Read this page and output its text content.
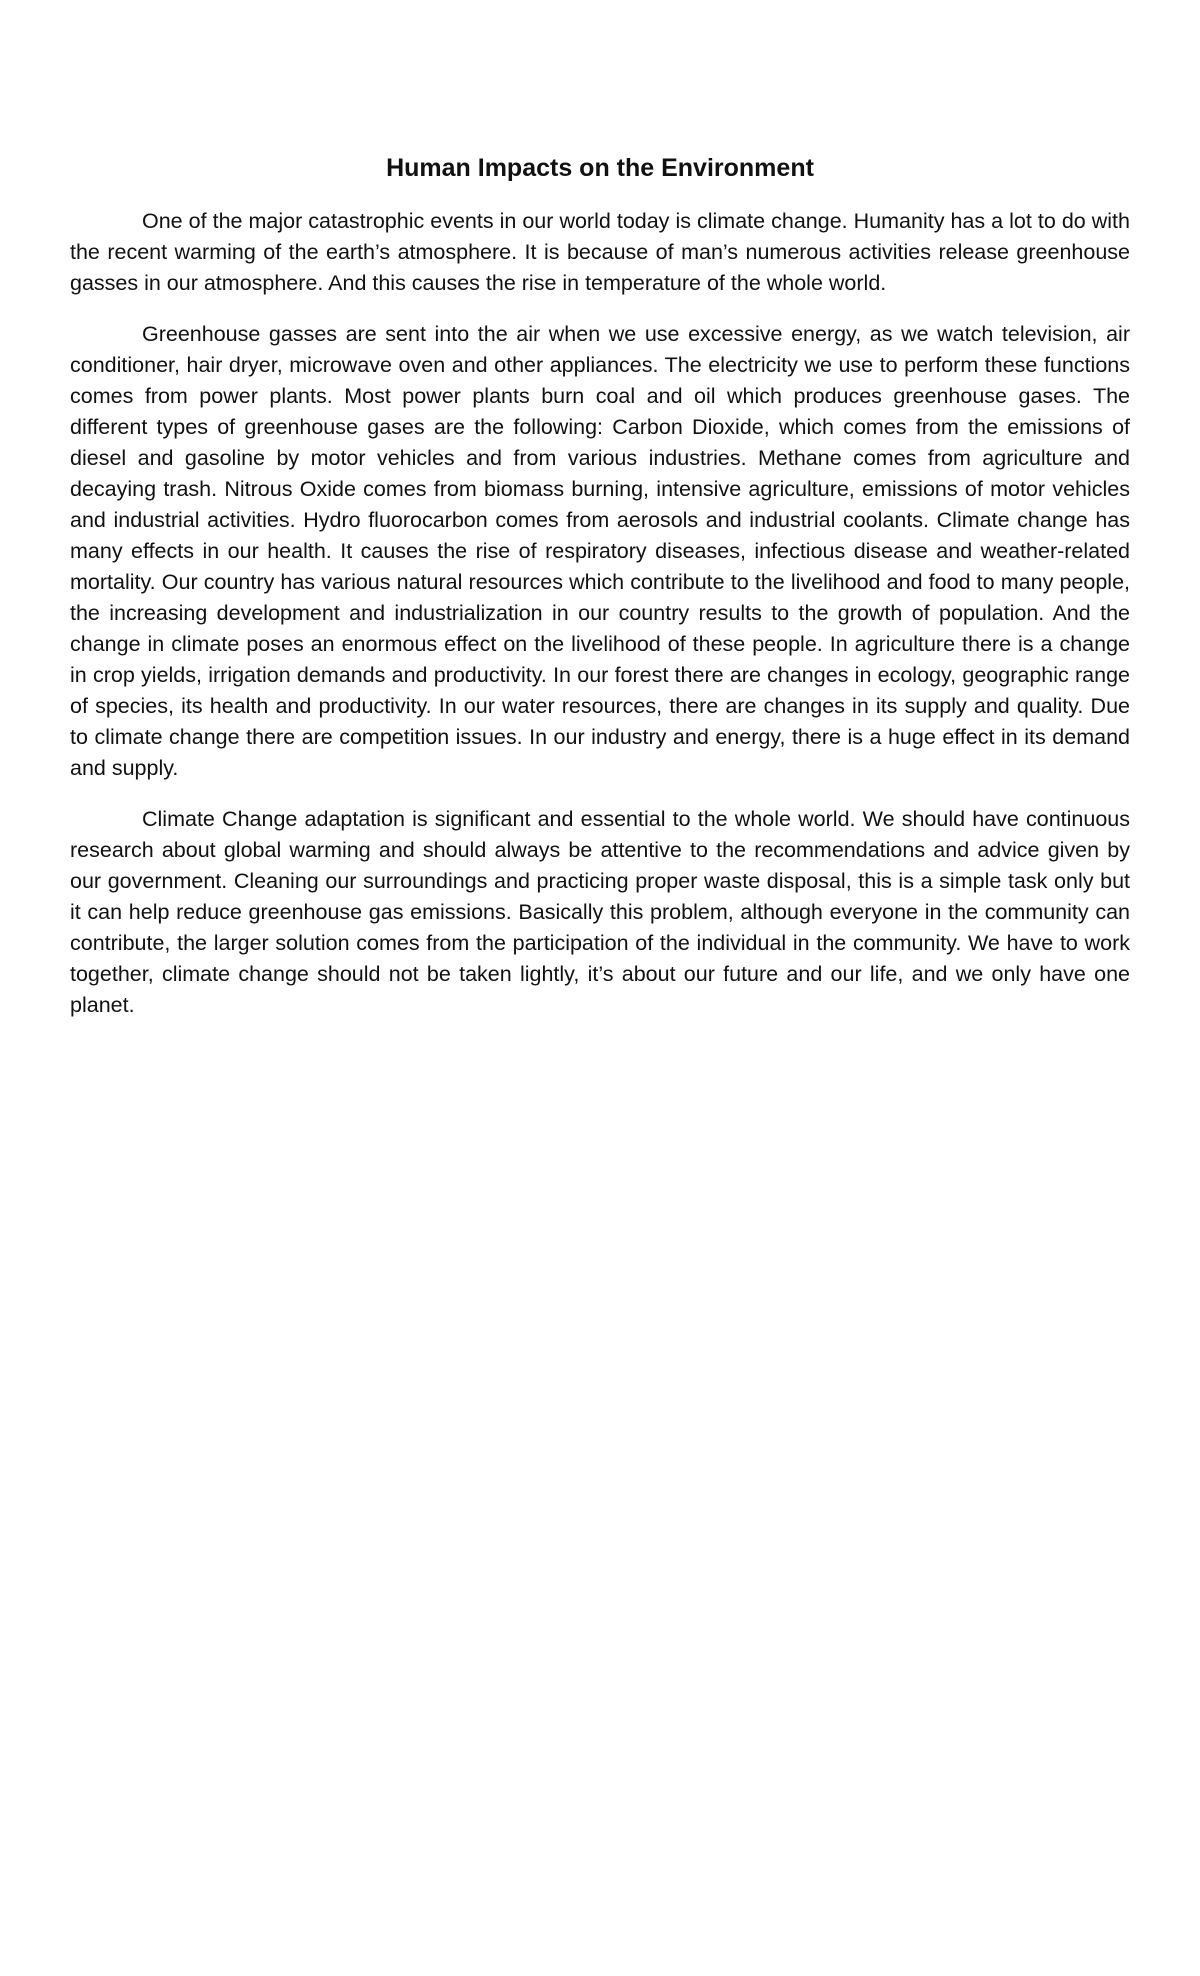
Human Impacts on the Environment

One of the major catastrophic events in our world today is climate change. Humanity has a lot to do with the recent warming of the earth’s atmosphere. It is because of man’s numerous activities release greenhouse gasses in our atmosphere. And this causes the rise in temperature of the whole world.

Greenhouse gasses are sent into the air when we use excessive energy, as we watch television, air conditioner, hair dryer, microwave oven and other appliances. The electricity we use to perform these functions comes from power plants. Most power plants burn coal and oil which produces greenhouse gases. The different types of greenhouse gases are the following: Carbon Dioxide, which comes from the emissions of diesel and gasoline by motor vehicles and from various industries. Methane comes from agriculture and decaying trash. Nitrous Oxide comes from biomass burning, intensive agriculture, emissions of motor vehicles and industrial activities. Hydro fluorocarbon comes from aerosols and industrial coolants. Climate change has many effects in our health. It causes the rise of respiratory diseases, infectious disease and weather-related mortality. Our country has various natural resources which contribute to the livelihood and food to many people, the increasing development and industrialization in our country results to the growth of population. And the change in climate poses an enormous effect on the livelihood of these people. In agriculture there is a change in crop yields, irrigation demands and productivity. In our forest there are changes in ecology, geographic range of species, its health and productivity. In our water resources, there are changes in its supply and quality. Due to climate change there are competition issues. In our industry and energy, there is a huge effect in its demand and supply.

Climate Change adaptation is significant and essential to the whole world. We should have continuous research about global warming and should always be attentive to the recommendations and advice given by our government. Cleaning our surroundings and practicing proper waste disposal, this is a simple task only but it can help reduce greenhouse gas emissions. Basically this problem, although everyone in the community can contribute, the larger solution comes from the participation of the individual in the community. We have to work together, climate change should not be taken lightly, it’s about our future and our life, and we only have one planet.
